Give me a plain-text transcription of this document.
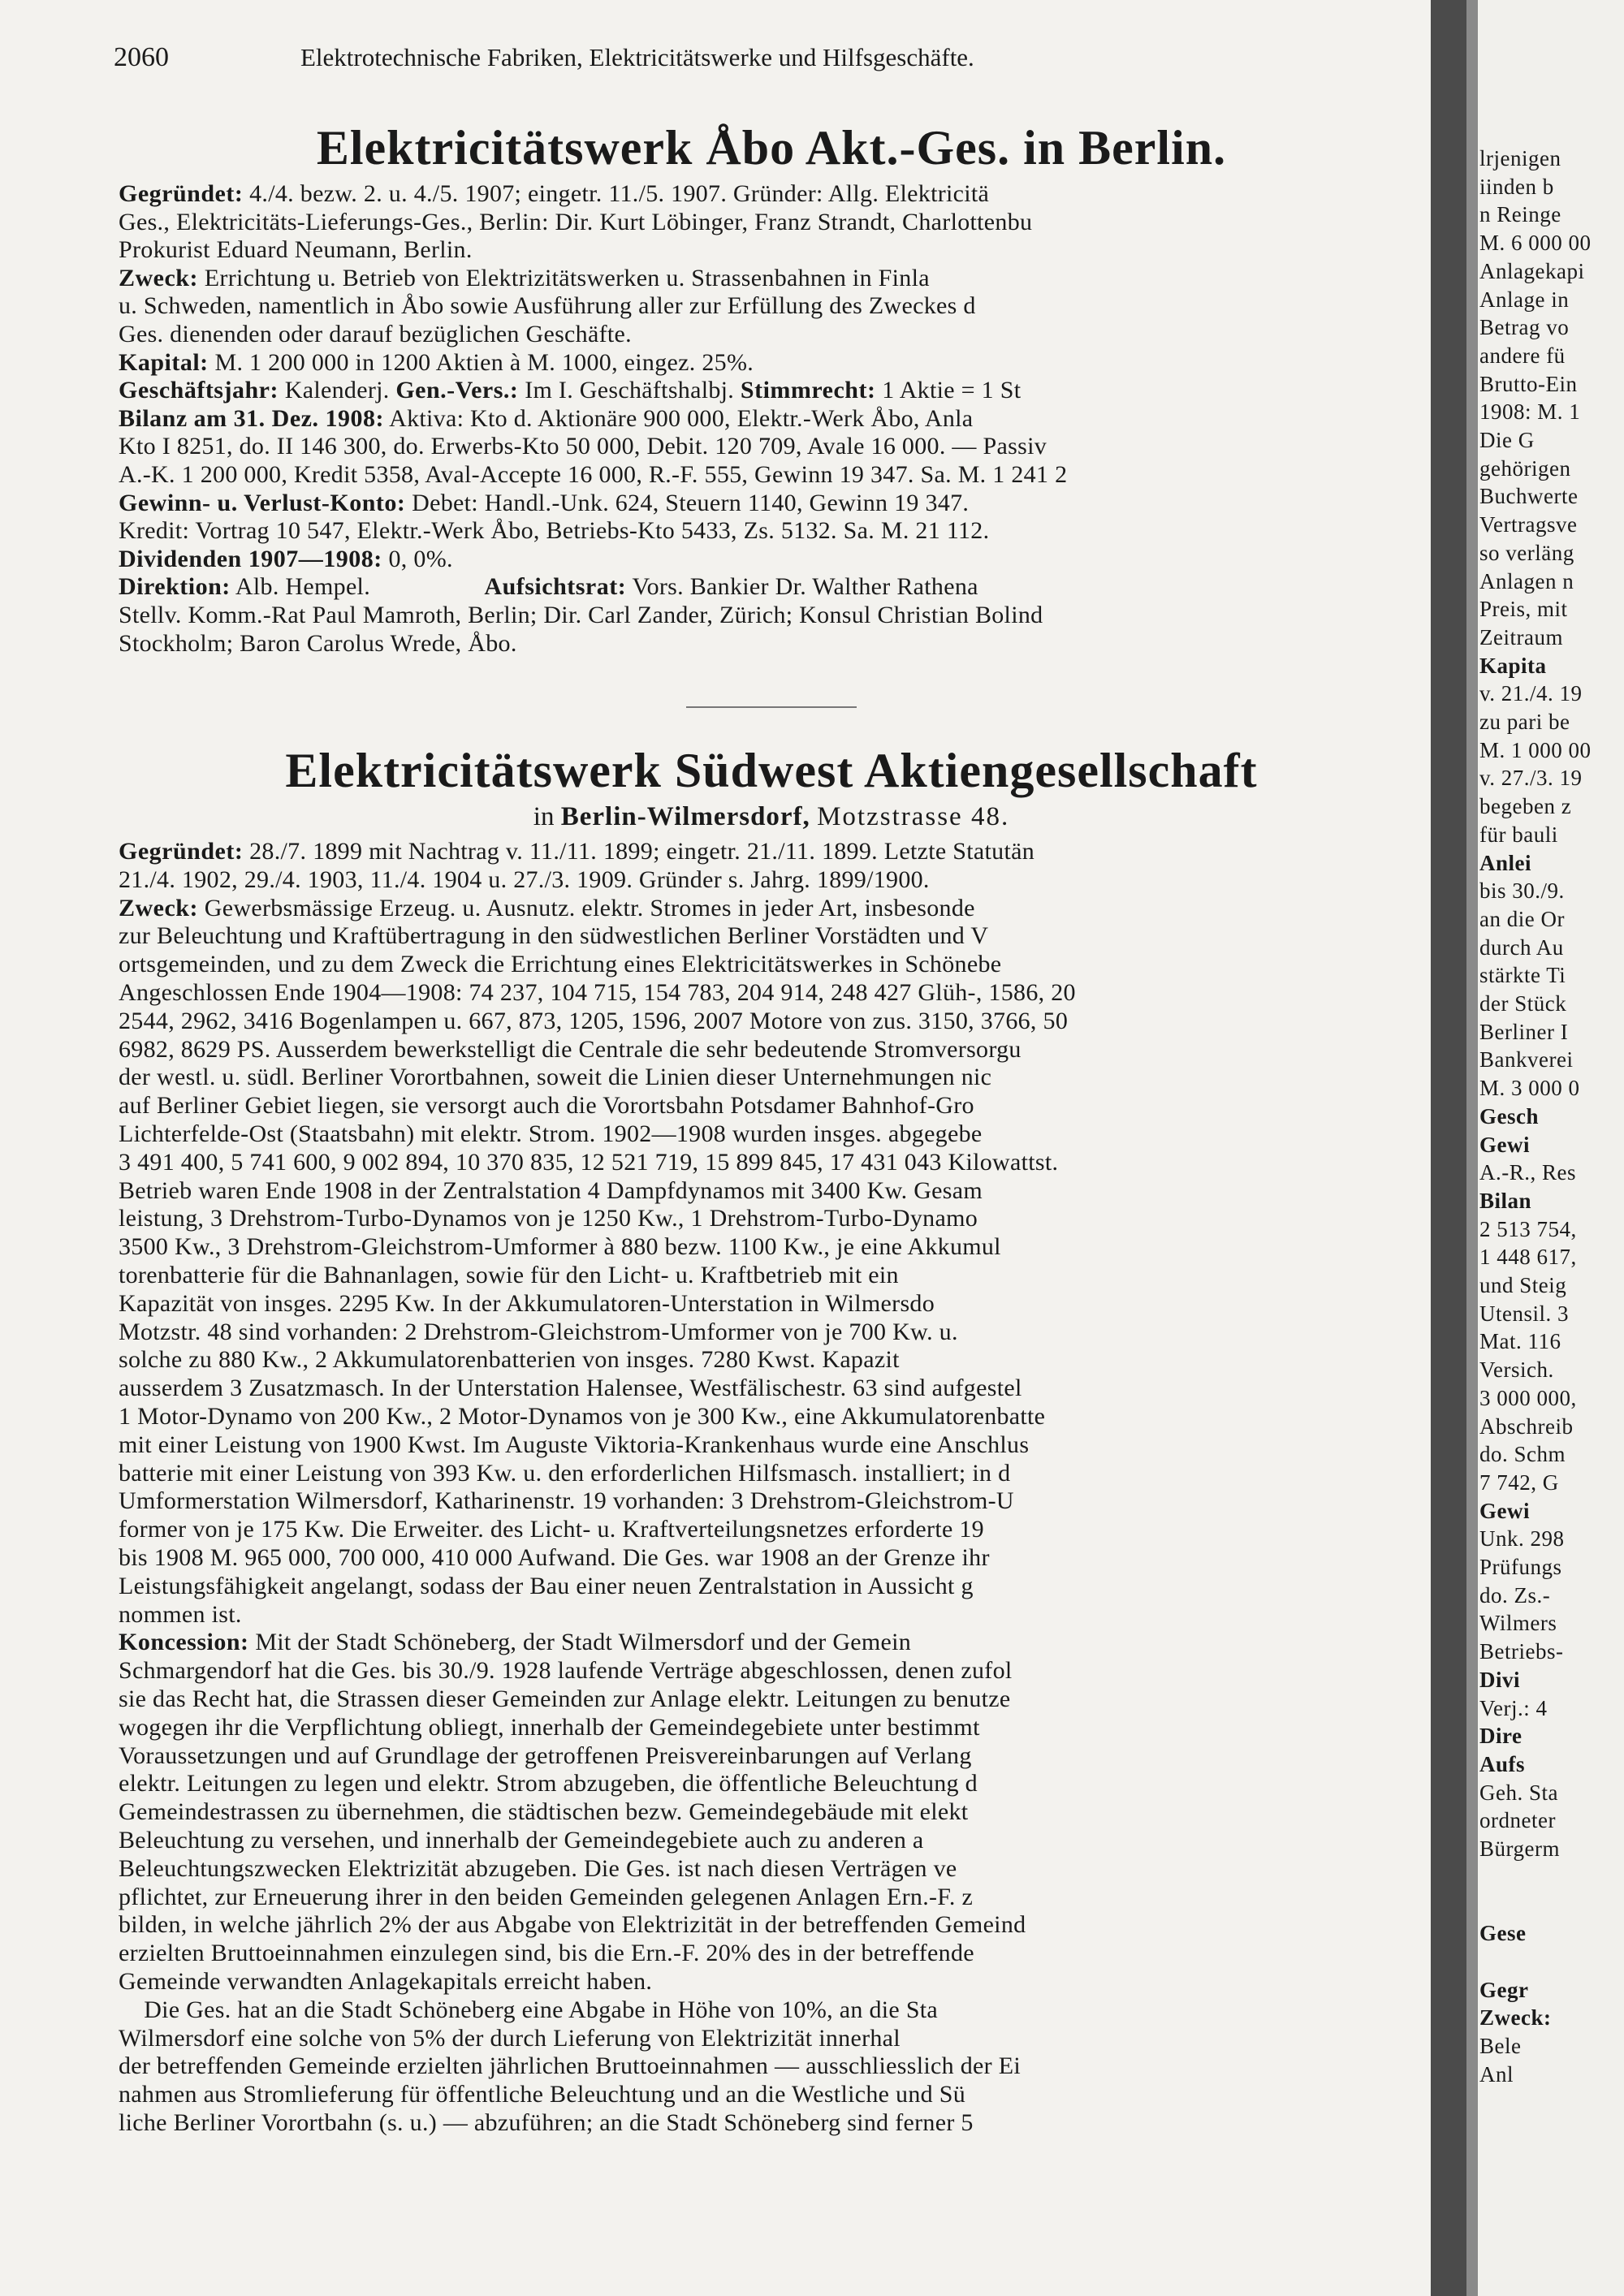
2060	Elektrotechnische Fabriken, Elektricitätswerke und Hilfsgeschäfte.
Elektricitätswerk Åbo Akt.-Ges. in Berlin.
Gegründet: 4./4. bezw. 2. u. 4./5. 1907; eingetr. 11./5. 1907. Gründer: Allg. Elektricitä
Ges., Elektricitäts-Lieferungs-Ges., Berlin: Dir. Kurt Löbinger, Franz Strandt, Charlottenbu
Prokurist Eduard Neumann, Berlin.
Zweck: Errichtung u. Betrieb von Elektrizitätswerken u. Strassenbahnen in Finla
u. Schweden, namentlich in Åbo sowie Ausführung aller zur Erfüllung des Zweckes d
Ges. dienenden oder darauf bezüglichen Geschäfte.
Kapital: M. 1 200 000 in 1200 Aktien à M. 1000, eingez. 25%.
Geschäftsjahr: Kalenderj. Gen.-Vers.: Im I. Geschäftshalbj. Stimmrecht: 1 Aktie = 1 St
Bilanz am 31. Dez. 1908: Aktiva: Kto d. Aktionäre 900 000, Elektr.-Werk Åbo, Anla
Kto I 8251, do. II 146 300, do. Erwerbs-Kto 50 000, Debit. 120 709, Avale 16 000. — Passiv
A.-K. 1 200 000, Kredit 5358, Aval-Accepte 16 000, R.-F. 555, Gewinn 19 347. Sa. M. 1 241 2
Gewinn- u. Verlust-Konto: Debet: Handl.-Unk. 624, Steuern 1140, Gewinn 19 347.
Kredit: Vortrag 10 547, Elektr.-Werk Åbo, Betriebs-Kto 5433, Zs. 5132. Sa. M. 21 112.
Dividenden 1907—1908: 0, 0%.
Direktion: Alb. Hempel.                  Aufsichtsrat: Vors. Bankier Dr. Walther Rathena
Stellv. Komm.-Rat Paul Mamroth, Berlin; Dir. Carl Zander, Zürich; Konsul Christian Bolind
Stockholm; Baron Carolus Wrede, Åbo.
Elektricitätswerk Südwest Aktiengesellschaft
in Berlin-Wilmersdorf, Motzstrasse 48.
Gegründet: 28./7. 1899 mit Nachtrag v. 11./11. 1899; eingetr. 21./11. 1899. Letzte Statutän
21./4. 1902, 29./4. 1903, 11./4. 1904 u. 27./3. 1909. Gründer s. Jahrg. 1899/1900.
Zweck: Gewerbsmässige Erzeug. u. Ausnutz. elektr. Stromes in jeder Art, insbesonde
zur Beleuchtung und Kraftübertragung in den südwestlichen Berliner Vorstädten und V
ortsgemeinden, und zu dem Zweck die Errichtung eines Elektricitätswerkes in Schönebe
Angeschlossen Ende 1904—1908: 74 237, 104 715, 154 783, 204 914, 248 427 Glüh-, 1586, 20
2544, 2962, 3416 Bogenlampen u. 667, 873, 1205, 1596, 2007 Motore von zus. 3150, 3766, 50
6982, 8629 PS. Ausserdem bewerkstelligt die Centrale die sehr bedeutende Stromversorgu
der westl. u. südl. Berliner Vorortbahnen, soweit die Linien dieser Unternehmungen nic
auf Berliner Gebiet liegen, sie versorgt auch die Vorortsbahn Potsdamer Bahnhof-Gro
Lichterfelde-Ost (Staatsbahn) mit elektr. Strom. 1902—1908 wurden insges. abgegebe
3 491 400, 5 741 600, 9 002 894, 10 370 835, 12 521 719, 15 899 845, 17 431 043 Kilowattst.
Betrieb waren Ende 1908 in der Zentralstation 4 Dampfdynamos mit 3400 Kw. Gesam
leistung, 3 Drehstrom-Turbo-Dynamos von je 1250 Kw., 1 Drehstrom-Turbo-Dynamo
3500 Kw., 3 Drehstrom-Gleichstrom-Umformer à 880 bezw. 1100 Kw., je eine Akkumul
torenbatterie für die Bahnanlagen, sowie für den Licht- u. Kraftbetrieb mit ein
Kapazität von insges. 2295 Kw. In der Akkumulatoren-Unterstation in Wilmersdo
Motzstr. 48 sind vorhanden: 2 Drehstrom-Gleichstrom-Umformer von je 700 Kw. u.
solche zu 880 Kw., 2 Akkumulatorenbatterien von insges. 7280 Kwst. Kapazit
ausserdem 3 Zusatzmasch. In der Unterstation Halensee, Westfälischestr. 63 sind aufgestel
1 Motor-Dynamo von 200 Kw., 2 Motor-Dynamos von je 300 Kw., eine Akkumulatorenbatte
mit einer Leistung von 1900 Kwst. Im Auguste Viktoria-Krankenhaus wurde eine Anschlus
batterie mit einer Leistung von 393 Kw. u. den erforderlichen Hilfsmasch. installiert; in d
Umformerstation Wilmersdorf, Katharinenstr. 19 vorhanden: 3 Drehstrom-Gleichstrom-U
former von je 175 Kw. Die Erweiter. des Licht- u. Kraftverteilungsnetzes erforderte 19
bis 1908 M. 965 000, 700 000, 410 000 Aufwand. Die Ges. war 1908 an der Grenze ihr
Leistungsfähigkeit angelangt, sodass der Bau einer neuen Zentralstation in Aussicht g
nommen ist.
Koncession: Mit der Stadt Schöneberg, der Stadt Wilmersdorf und der Gemein
Schmargendorf hat die Ges. bis 30./9. 1928 laufende Verträge abgeschlossen, denen zufol
sie das Recht hat, die Strassen dieser Gemeinden zur Anlage elektr. Leitungen zu benutze
wogegen ihr die Verpflichtung obliegt, innerhalb der Gemeindegebiete unter bestimmt
Voraussetzungen und auf Grundlage der getroffenen Preisvereinbarungen auf Verlang
elektr. Leitungen zu legen und elektr. Strom abzugeben, die öffentliche Beleuchtung d
Gemeindestrassen zu übernehmen, die städtischen bezw. Gemeindegebäude mit elekt
Beleuchtung zu versehen, und innerhalb der Gemeindegebiete auch zu anderen a
Beleuchtungszwecken Elektrizität abzugeben. Die Ges. ist nach diesen Verträgen ve
pflichtet, zur Erneuerung ihrer in den beiden Gemeinden gelegenen Anlagen Ern.-F. z
bilden, in welche jährlich 2% der aus Abgabe von Elektrizität in der betreffenden Gemeind
erzielten Bruttoeinnahmen einzulegen sind, bis die Ern.-F. 20% des in der betreffende
Gemeinde verwandten Anlagekapitals erreicht haben.
Die Ges. hat an die Stadt Schöneberg eine Abgabe in Höhe von 10%, an die Sta
Wilmersdorf eine solche von 5% der durch Lieferung von Elektrizität innerhal
der betreffenden Gemeinde erzielten jährlichen Bruttoeinnahmen — ausschliesslich der Ei
nahmen aus Stromlieferung für öffentliche Beleuchtung und an die Westliche und Sü
liche Berliner Vorortbahn (s. u.) — abzuführen; an die Stadt Schöneberg sind ferner 5
lrjenigen
iinden b
n Reinge
M. 6 000 00
Anlagekapi
Anlage in
Betrag vo
andere fü
Brutto-Ein
1908: M. 1
Die G
gehörigen
Buchwerte
Vertragsve
so verläng
Anlagen n
Preis, mit
Zeitraum
Kapita
v. 21./4. 19
zu pari be
M. 1 000 00
v. 27./3. 19
begeben z
für bauli
Anlei
bis 30./9.
an die Or
durch Au
stärkte Ti
der Stück
Berliner I
Bankverei
M. 3 000 0
Gesch
Gewi
A.-R., Res
Bilan
2 513 754,
1 448 617,
und Steig
Utensil. 3
Mat. 116
Versich.
3 000 000,
Abschreib
do. Schm
7 742, G
Gewi
Unk. 298
Prüfungs
do. Zs.-
Wilmers
Betriebs-
Divi
Verj.: 4
Dire
Aufs
Geh. Sta
ordneter
Bürgerm
Gese
Gegr
Zweck:
Bele
Anl
